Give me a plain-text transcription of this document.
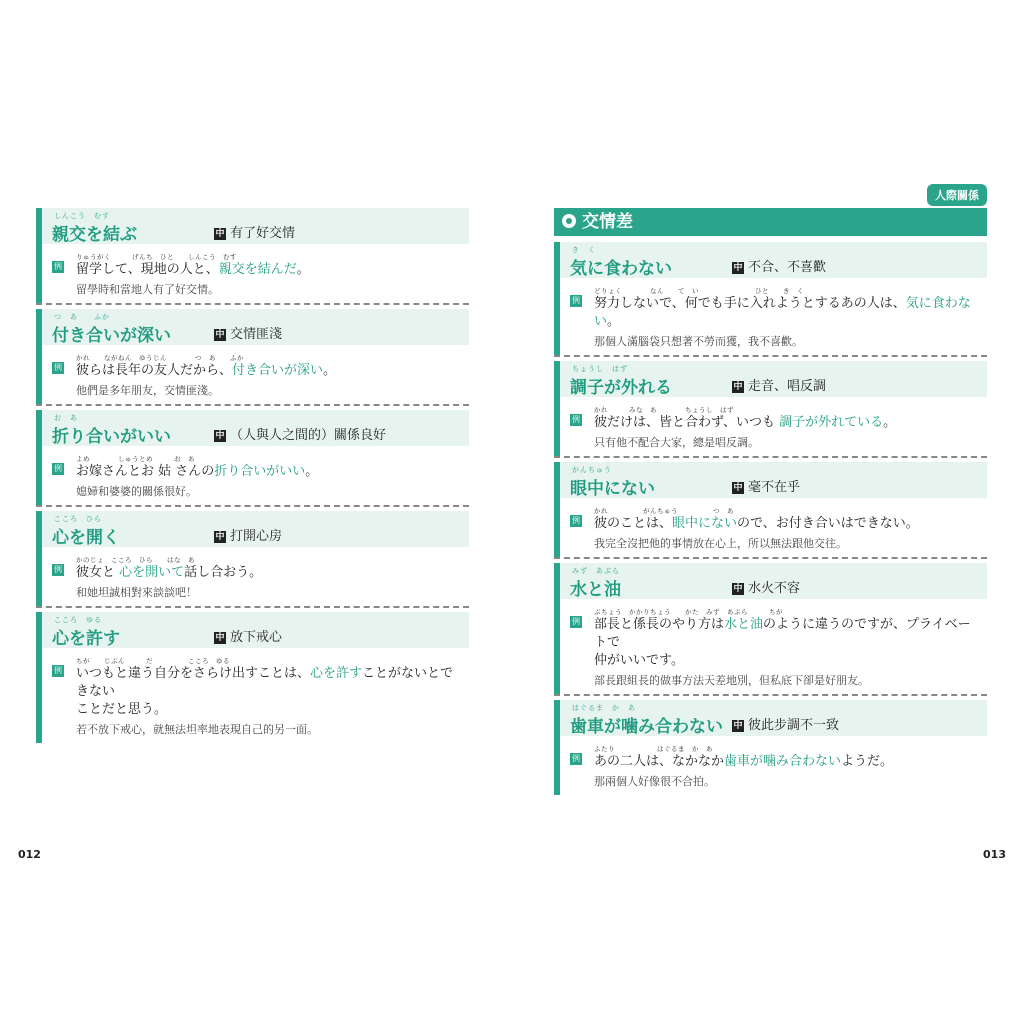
しんこう　むす
親交を結ぶ	中 有了好交情
例
りゅうがく　　　げんち　ひと　　しんこう　むす
留学して、現地の人と、親交を結んだ。
留學時和當地人有了好交情。
つ　あ　　ふか
付き合いが深い	中 交情匪淺
例
かれ　　ながねん　ゆうじん　　　　つ　あ　　ふか
彼らは長年の友人だから、付き合いが深い。
他們是多年朋友，交情匪淺。
お　あ
折り合いがいい	中 （人與人之間的）關係良好
例
よめ　　　　しゅうとめ　　　お　あ
お嫁さんとお 姑 さんの折り合いがいい。
媳婦和婆婆的關係很好。
こころ　ひら
心を開く	中 打開心房
例
かのじょ　こころ　ひら　　はな　あ
彼女と 心を開いて話し合おう。
和她坦誠相對來談談吧！
こころ　ゆる
心を許す	中 放下戒心
例
ちが　　じぶん　　　だ　　　　　こころ　ゆる
いつもと違う自分をさらけ出すことは、心を許すことがないとできない
ことだと思う。
若不放下戒心，就無法坦率地表現自己的另一面。
012
人際關係
交情差
き　く
気に食わない	中 不合、不喜歡
例
どりょく　　　　なん　　て　い　　　　　　　　ひと　　き　く
努力しないで、何でも手に入れようとするあの人は、気に食わない。
那個人滿腦袋只想著不勞而獲，我不喜歡。
ちょうし　はず
調子が外れる	中 走音、唱反調
例
かれ　　　みな　あ　　　　ちょうし　はず
彼だけは、皆と合わず、いつも 調子が外れている。
只有他不配合大家，總是唱反調。
がんちゅう
眼中にない	中 毫不在乎
例
かれ　　　　　がんちゅう　　　　　つ　あ
彼のことは、眼中にないので、お付き合いはできない。
我完全沒把他的事情放在心上，所以無法跟他交往。
みず　あぶら
水と油	中 水火不容
例
ぶちょう　かかりちょう　　かた　みず　あぶら　　　ちが
部長と係長のやり方は水と油のように違うのですが、プライベートで
仲がいいです。
部長跟組長的做事方法天差地別，但私底下卻是好朋友。
はぐるま　か　あ
歯車が噛み合わない 中 彼此步調不一致
例
ふたり　　　　　　はぐるま　か　あ
あの二人は、なかなか歯車が噛み合わないようだ。
那兩個人好像很不合拍。
013
